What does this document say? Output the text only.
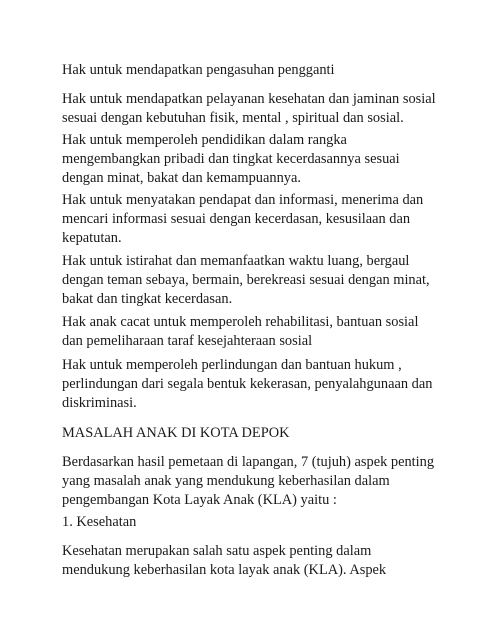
Hak untuk mendapatkan pengasuhan pengganti

Hak untuk mendapatkan pelayanan kesehatan dan jaminan sosial
sesuai dengan kebutuhan fisik, mental , spiritual dan sosial.

Hak untuk memperoleh pendidikan dalam rangka
mengembangkan pribadi dan tingkat kecerdasannya sesuai
dengan minat, bakat dan kemampuannya.

Hak untuk menyatakan pendapat dan informasi, menerima dan
mencari informasi sesuai dengan kecerdasan, kesusilaan dan
kepatutan.

Hak untuk istirahat dan memanfaatkan waktu luang, bergaul
dengan teman sebaya, bermain, berekreasi sesuai dengan minat,
bakat dan tingkat kecerdasan.

Hak anak cacat untuk memperoleh rehabilitasi, bantuan sosial
dan pemeliharaan taraf kesejahteraan sosial

Hak untuk memperoleh perlindungan dan bantuan hukum ,
perlindungan dari segala bentuk kekerasan, penyalahgunaan dan
diskriminasi.

MASALAH ANAK DI KOTA DEPOK

Berdasarkan hasil pemetaan di lapangan, 7 (tujuh) aspek penting
yang masalah anak yang mendukung keberhasilan dalam
pengembangan Kota Layak Anak (KLA) yaitu :

1. Kesehatan

Kesehatan merupakan salah satu aspek penting dalam
mendukung keberhasilan kota layak anak (KLA). Aspek
